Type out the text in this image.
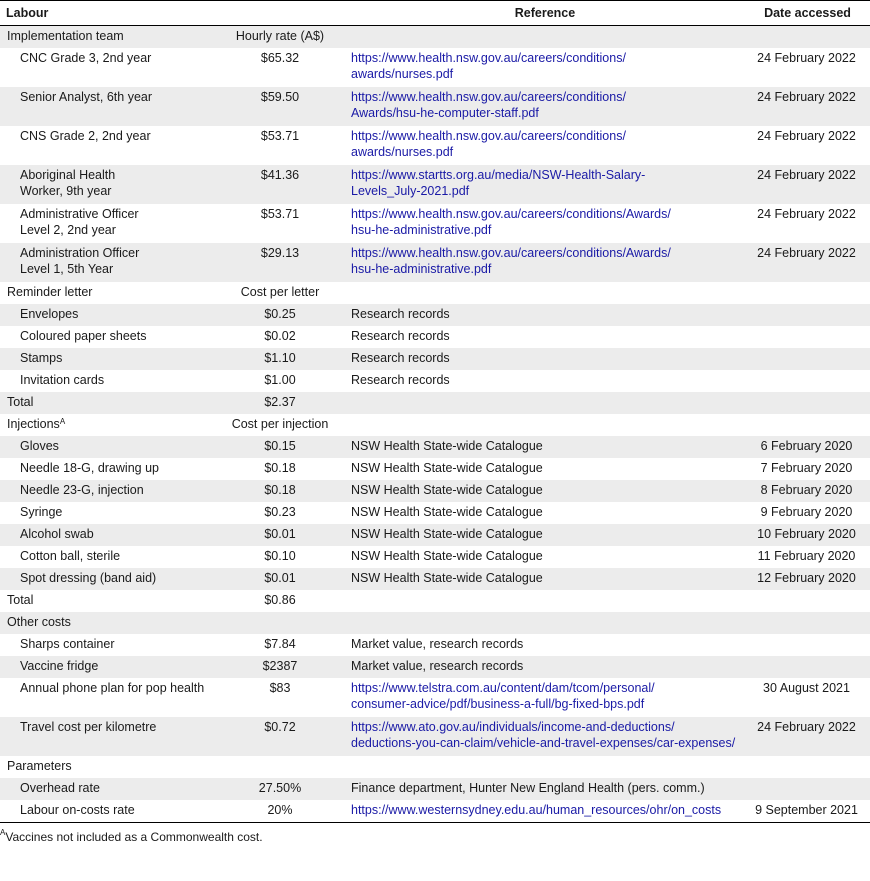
Labour		Reference	Date accessed
Implementation team	Hourly rate (A$)		
CNC Grade 3, 2nd year	$65.32	https://www.health.nsw.gov.au/careers/conditions/
awards/nurses.pdf	24 February 2022
Senior Analyst, 6th year	$59.50	https://www.health.nsw.gov.au/careers/conditions/
Awards/hsu-he-computer-staff.pdf	24 February 2022
CNS Grade 2, 2nd year	$53.71	https://www.health.nsw.gov.au/careers/conditions/
awards/nurses.pdf	24 February 2022
Aboriginal Health
Worker, 9th year	$41.36	https://www.startts.org.au/media/NSW-Health-Salary-
Levels_July-2021.pdf	24 February 2022
Administrative Officer
Level 2, 2nd year	$53.71	https://www.health.nsw.gov.au/careers/conditions/Awards/
hsu-he-administrative.pdf	24 February 2022
Administration Officer
Level 1, 5th Year	$29.13	https://www.health.nsw.gov.au/careers/conditions/Awards/
hsu-he-administrative.pdf	24 February 2022
Reminder letter	Cost per letter		
Envelopes	$0.25	Research records	
Coloured paper sheets	$0.02	Research records	
Stamps	$1.10	Research records	
Invitation cards	$1.00	Research records	
Total	$2.37		
Injections$^A$	Cost per injection		
Gloves	$0.15	NSW Health State-wide Catalogue	6 February 2020
Needle 18-G, drawing up	$0.18	NSW Health State-wide Catalogue	7 February 2020
Needle 23-G, injection	$0.18	NSW Health State-wide Catalogue	8 February 2020
Syringe	$0.23	NSW Health State-wide Catalogue	9 February 2020
Alcohol swab	$0.01	NSW Health State-wide Catalogue	10 February 2020
Cotton ball, sterile	$0.10	NSW Health State-wide Catalogue	11 February 2020
Spot dressing (band aid)	$0.01	NSW Health State-wide Catalogue	12 February 2020
Total	$0.86		
Other costs			
Sharps container	$7.84	Market value, research records	
Vaccine fridge	$2387	Market value, research records	
Annual phone plan for pop health	$83	https://www.telstra.com.au/content/dam/tcom/personal/
consumer-advice/pdf/business-a-full/bg-fixed-bps.pdf	30 August 2021
Travel cost per kilometre	$0.72	https://www.ato.gov.au/individuals/income-and-deductions/
deductions-you-can-claim/vehicle-and-travel-expenses/car-expenses/	24 February 2022
Parameters			
Overhead rate	27.50%	Finance department, Hunter New England Health (pers. comm.)	
Labour on-costs rate	20%	https://www.westernsydney.edu.au/human_resources/ohr/on_costs	9 September 2021
$^A$Vaccines not included as a Commonwealth cost.
